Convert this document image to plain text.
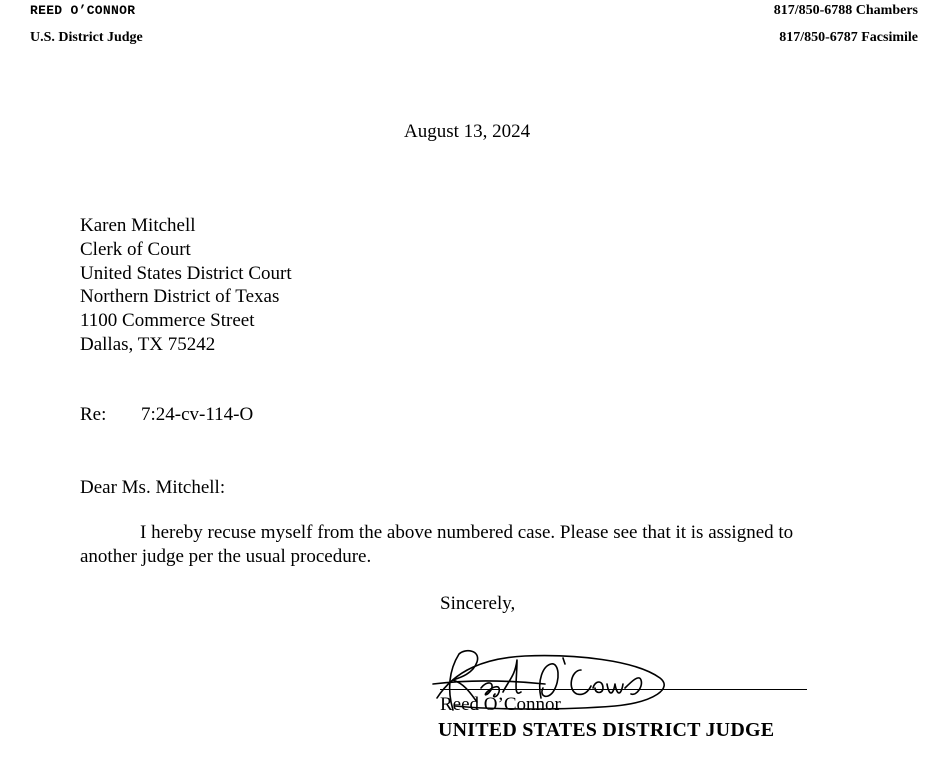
REED O’CONNOR
U.S. District Judge
817/850-6788 Chambers
817/850-6787 Facsimile
August 13, 2024
Karen Mitchell
Clerk of Court
United States District Court
Northern District of Texas
1100 Commerce Street
Dallas, TX 75242
Re: 7:24-cv-114-O
Dear Ms. Mitchell:
I hereby recuse myself from the above numbered case. Please see that it is assigned to another judge per the usual procedure.
Sincerely,
Reed O’Connor
UNITED STATES DISTRICT JUDGE
